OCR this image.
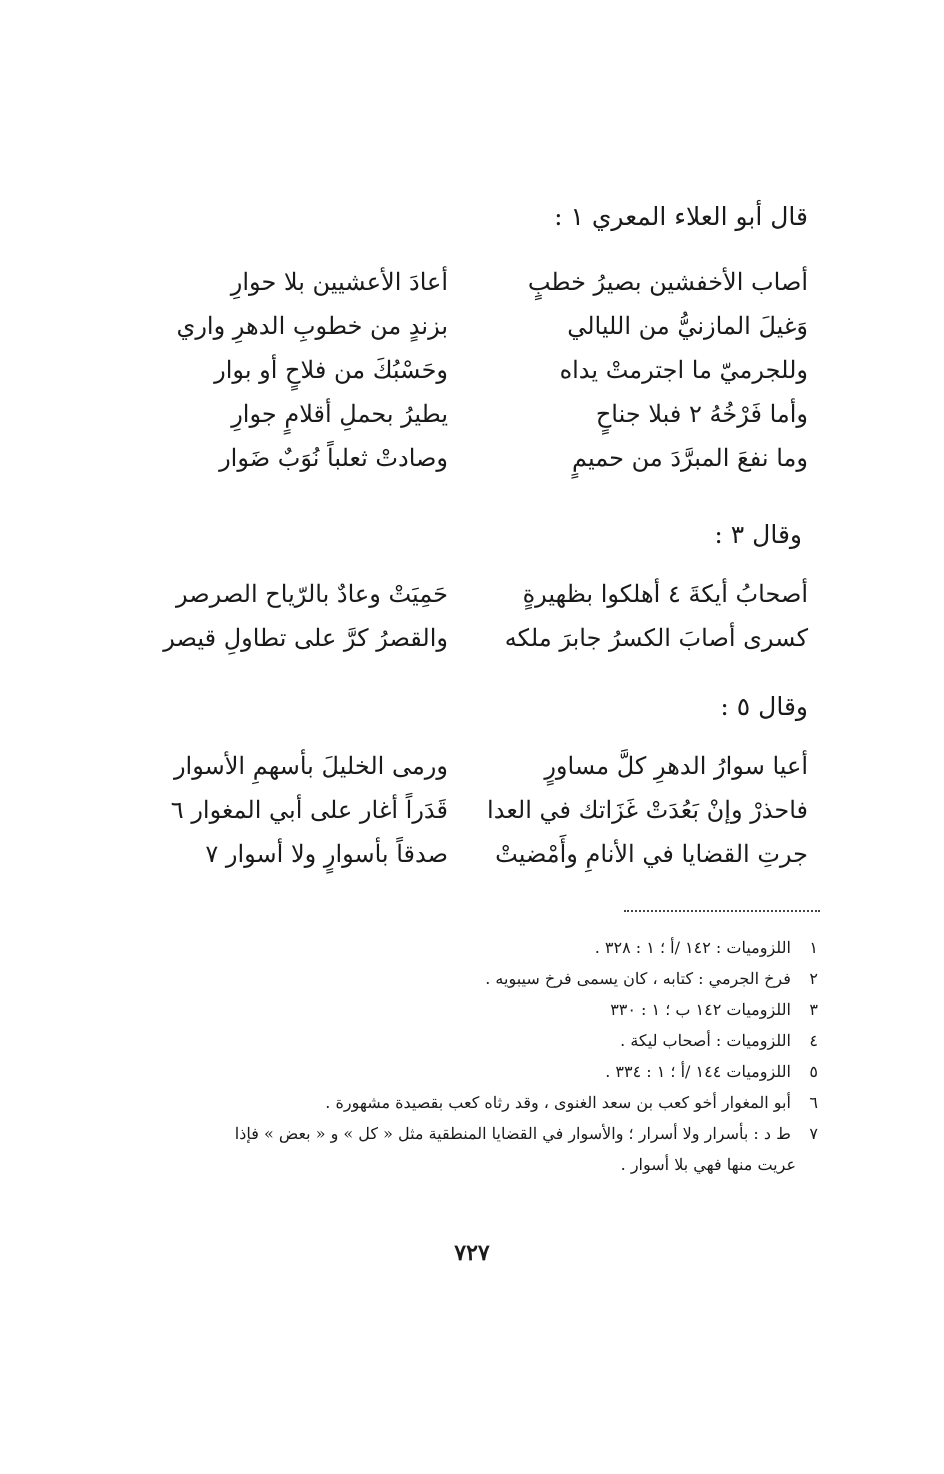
قال أبو العلاء المعري ١ :
أصاب الأخفشين بصيرُ خطبٍ
أعادَ الأعشيين بلا حوارِ
وَغيلَ المازنيُّ من الليالي
بزندٍ من خطوبِ الدهرِ واري
وللجرميّ ما اجترمتْ يداه
وحَسْبُكَ من فلاحٍ أو بوار
وأما فَرْخُهُ ٢ فبلا جناحٍ
يطيرُ بحملِ أقلامٍ جوارِ
وما نفعَ المبرَّدَ من حميمٍ
وصادتْ ثعلباً نُوَبٌ ضَوار
وقال ٣ :
أصحابُ أيكةَ ٤ أهلكوا بظهيرةٍ
حَمِيَتْ وعادٌ بالرّياح الصرصر
كسرى أصابَ الكسرُ جابرَ ملكه
والقصرُ كرَّ على تطاولِ قيصر
وقال ٥ :
أعيا سوارُ الدهرِ كلَّ مساورٍ
ورمى الخليلَ بأسهمِ الأسوار
فاحذرْ وإنْ بَعُدَتْ غَزَاتك في العدا
قَدَراً أغار على أبي المغوار ٦
جرتِ القضايا في الأنامِ وأَمْضيتْ
صدقاً بأسوارٍ ولا أسوار ٧
١ اللزوميات : ١٤٢ /أ ؛ ١ : ٣٢٨ .
٢ فرخ الجرمي : كتابه ، كان يسمى فرخ سيبويه .
٣ اللزوميات ١٤٢ ب ؛ ١ : ٣٣٠
٤ اللزوميات : أصحاب ليكة .
٥ اللزوميات ١٤٤ /أ ؛ ١ : ٣٣٤ .
٦ أبو المغوار أخو كعب بن سعد الغنوى ، وقد رثاه كعب بقصيدة مشهورة .
٧ ط د : بأسرار ولا أسرار ؛ والأسوار في القضايا المنطقية مثل « كل » و « بعض » فإذا
عريت منها فهي بلا أسوار .
٧٢٧
